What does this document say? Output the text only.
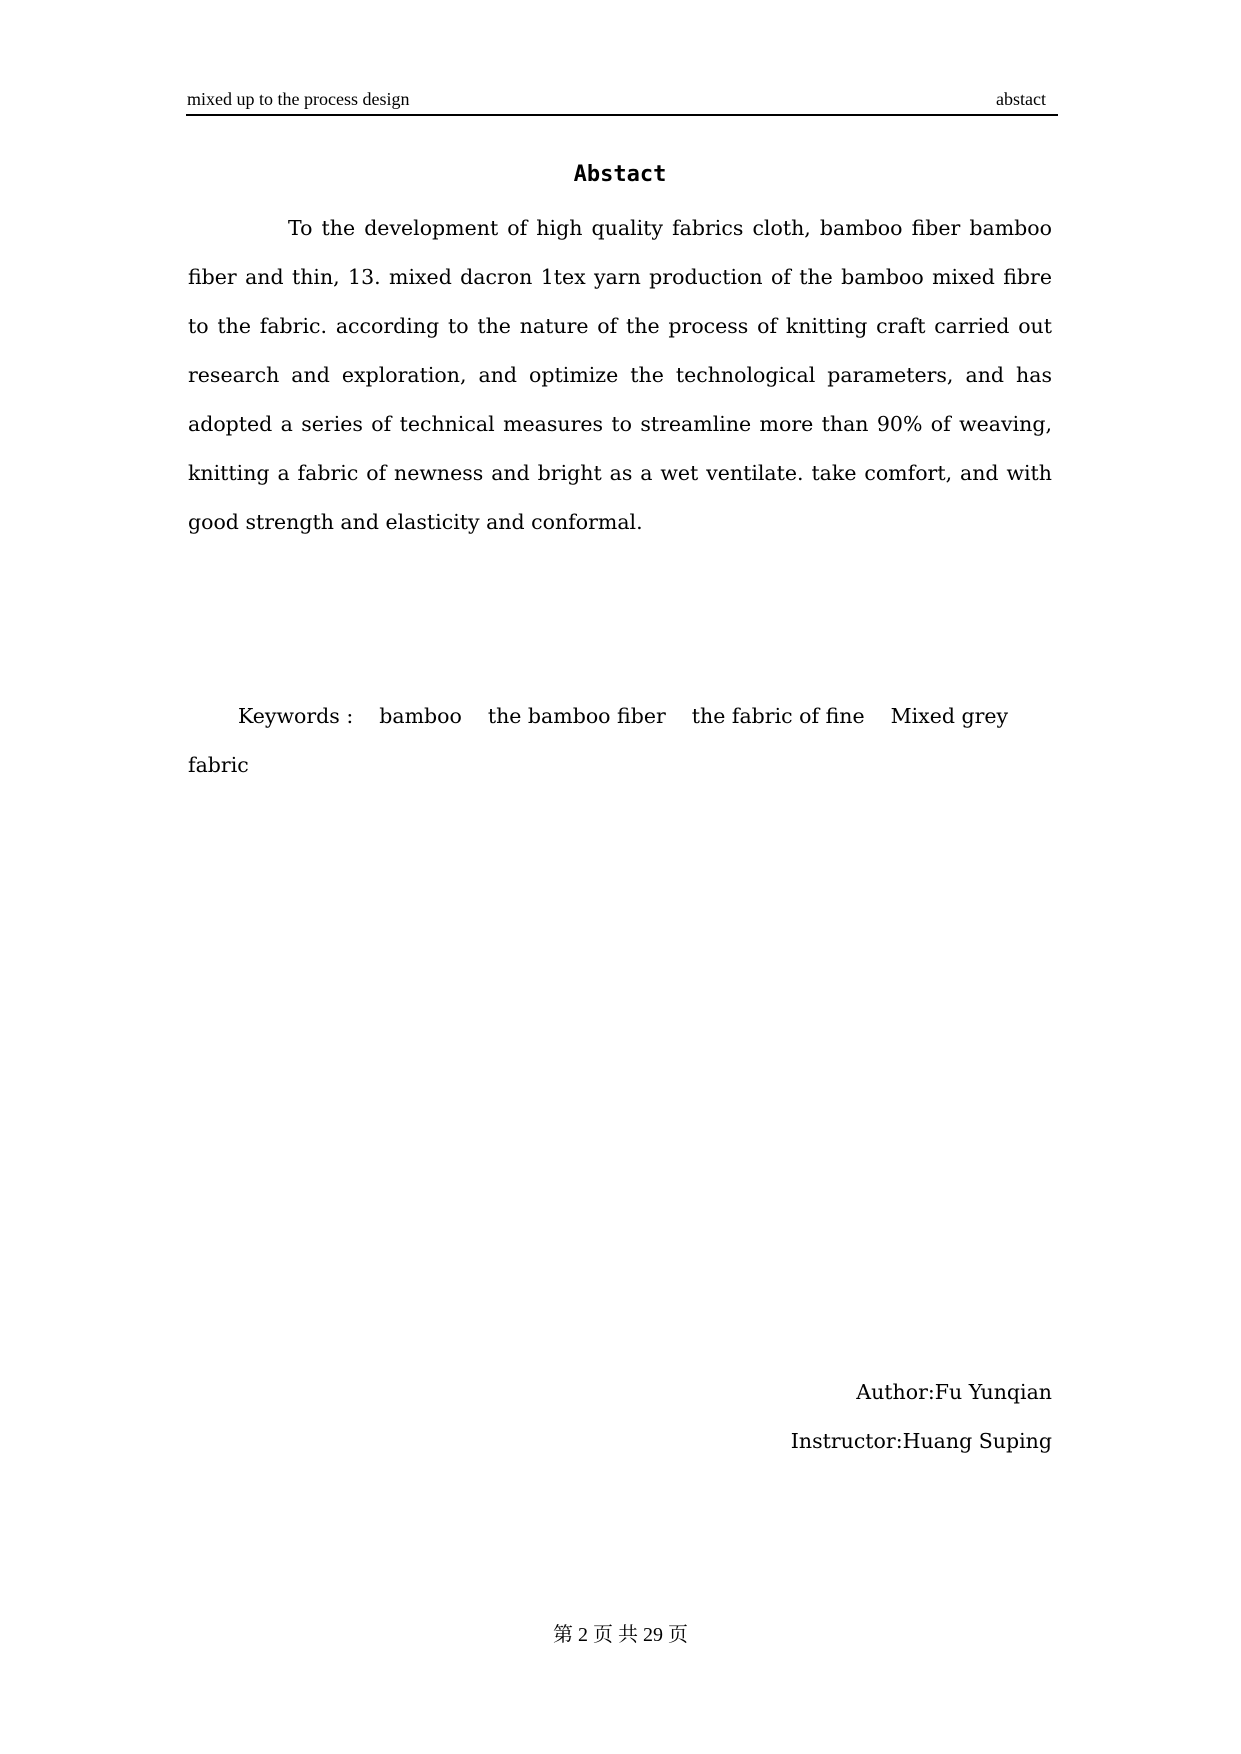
mixed up to the process design	abstact
Abstact

To the development of high quality fabrics cloth, bamboo fiber bamboo fiber and thin, 13. mixed dacron 1tex yarn production of the bamboo mixed fibre to the fabric. according to the nature of the process of knitting craft carried out research and exploration, and optimize the technological parameters, and has adopted a series of technical measures to streamline more than 90% of weaving, knitting a fabric of newness and bright as a wet ventilate. take comfort, and with good strength and elasticity and conformal.

Keywords : bamboo the bamboo fiber the fabric of fine Mixed grey
fabric
Author:Fu Yunqian
Instructor:Huang Suping
第 2 页 共 29 页
